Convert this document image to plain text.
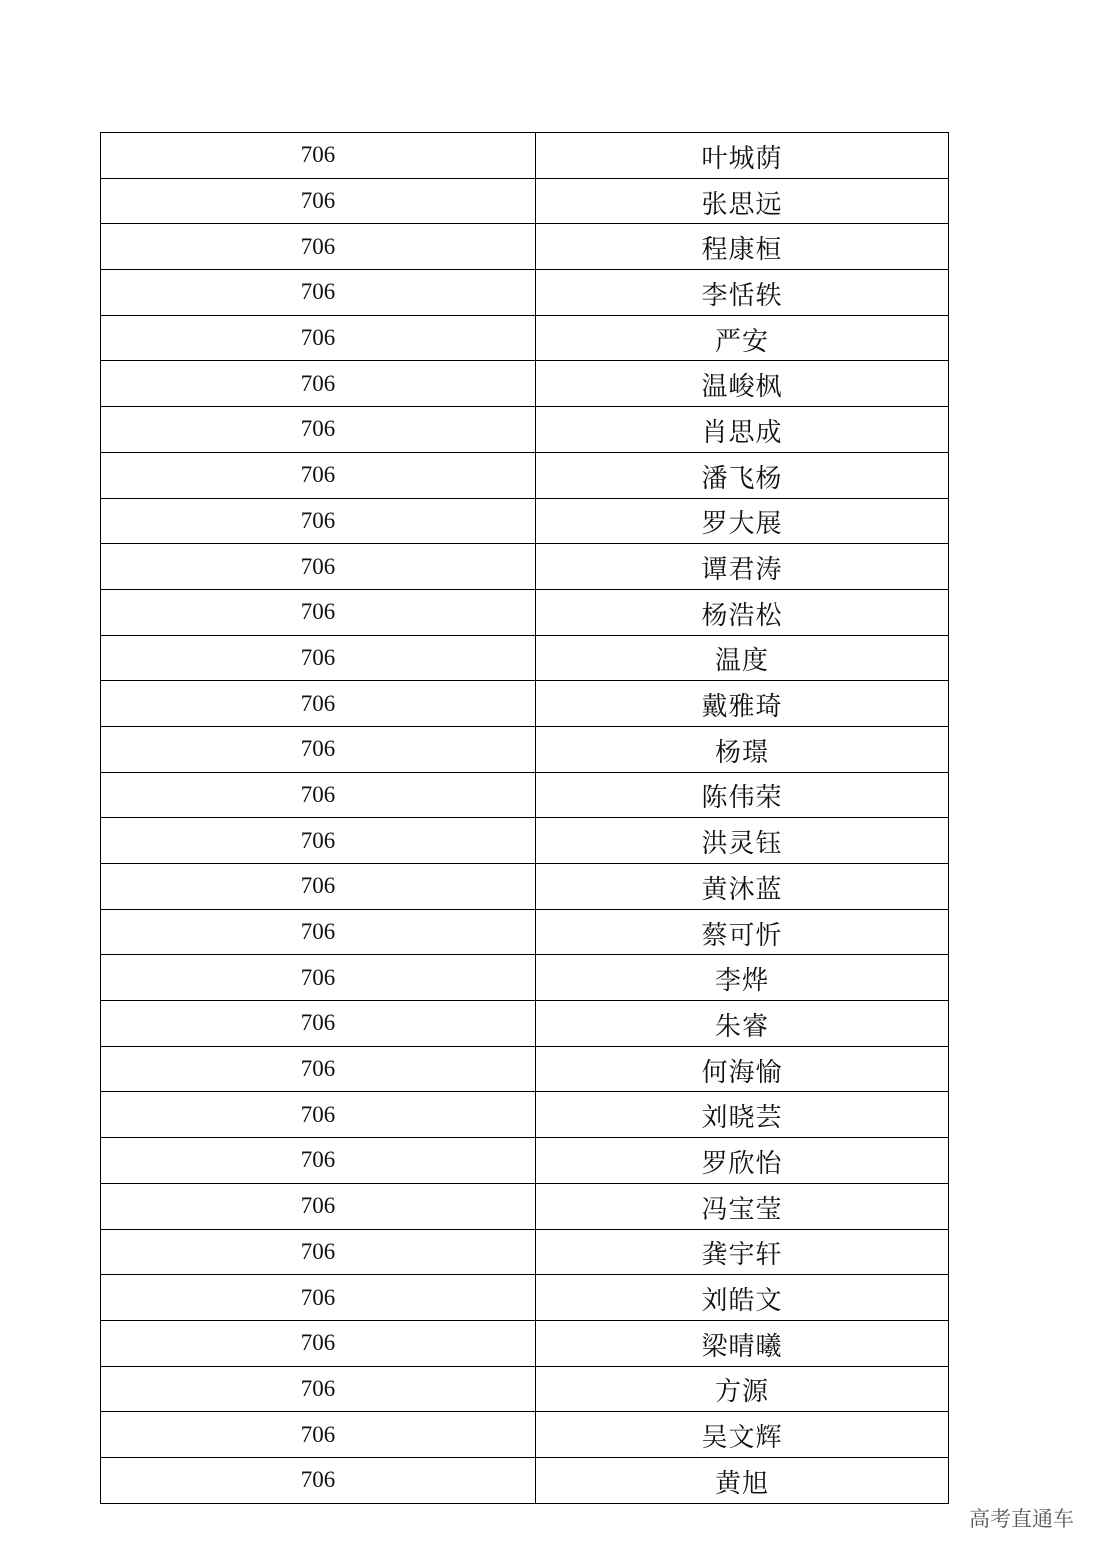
706	叶城荫
706	张思远
706	程康桓
706	李恬轶
706	严安
706	温峻枫
706	肖思成
706	潘飞杨
706	罗大展
706	谭君涛
706	杨浩松
706	温度
706	戴雅琦
706	杨璟
706	陈伟荣
706	洪灵钰
706	黄沐蓝
706	蔡可忻
706	李烨
706	朱睿
706	何海愉
706	刘晓芸
706	罗欣怡
706	冯宝莹
706	龚宇轩
706	刘皓文
706	梁晴曦
706	方源
706	吴文辉
706	黄旭
高考直通车
